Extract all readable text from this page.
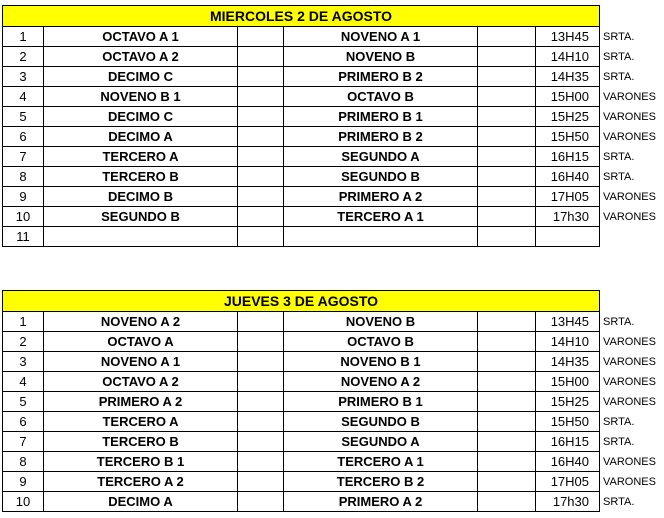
MIERCOLES 2 DE AGOSTO						
1	OCTAVO A 1		NOVENO A 1		13H45	SRTA.
2	OCTAVO A 2		NOVENO B		14H10	SRTA.
3	DECIMO C		PRIMERO B 2		14H35	SRTA.
4	NOVENO B 1		OCTAVO B		15H00	VARONES
5	DECIMO C		PRIMERO B 1		15H25	VARONES
6	DECIMO A		PRIMERO B 2		15H50	VARONES
7	TERCERO A		SEGUNDO A		16H15	SRTA.
8	TERCERO B		SEGUNDO B		16H40	SRTA.
9	DECIMO B		PRIMERO A 2		17H05	VARONES
10	SEGUNDO B		TERCERO A 1		17h30	VARONES
11						
JUEVES 3 DE AGOSTO						
1	NOVENO A 2		NOVENO B		13H45	SRTA.
2	OCTAVO A		OCTAVO B		14H10	VARONES
3	NOVENO A 1		NOVENO B 1		14H35	VARONES
4	OCTAVO A 2		NOVENO A 2		15H00	VARONES
5	PRIMERO A 2		PRIMERO B 1		15H25	VARONES
6	TERCERO A		SEGUNDO B		15H50	SRTA.
7	TERCERO B		SEGUNDO A		16H15	SRTA.
8	TERCERO B 1		TERCERO A 1		16H40	VARONES
9	TERCERO A 2		TERCERO B 2		17H05	VARONES
10	DECIMO A		PRIMERO A 2		17h30	SRTA.
